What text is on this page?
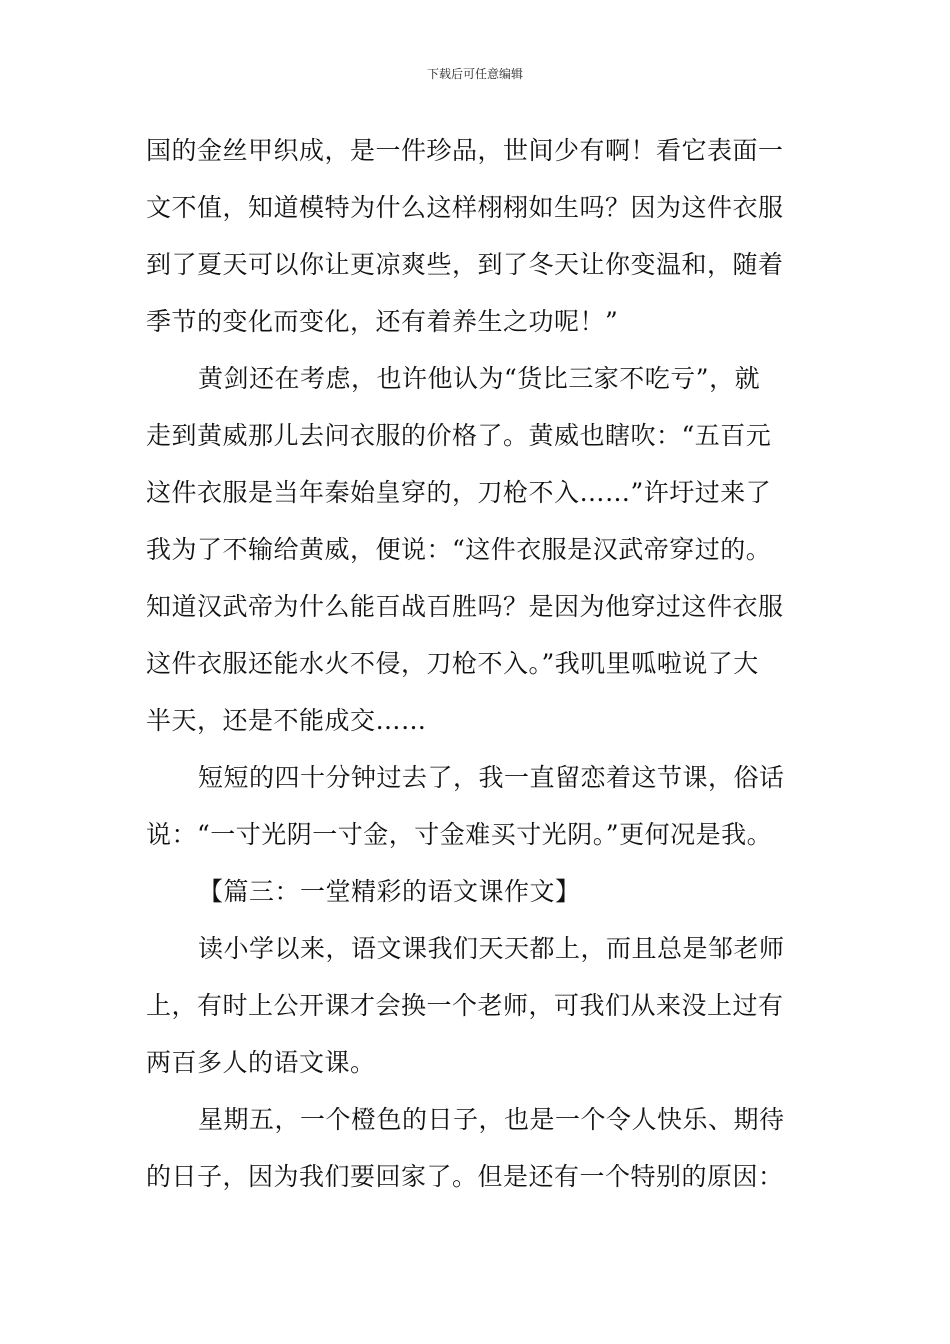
下载后可任意编辑
国的金丝甲织成，是一件珍品，世间少有啊！看它表面一
文不值，知道模特为什么这样栩栩如生吗？因为这件衣服
到了夏天可以你让更凉爽些，到了冬天让你变温和，随着
季节的变化而变化，还有着养生之功呢！”
黄剑还在考虑，也许他认为“货比三家不吃亏”，就
走到黄威那儿去问衣服的价格了。黄威也瞎吹：“五百元
这件衣服是当年秦始皇穿的，刀枪不入……”许圩过来了
我为了不输给黄威，便说：“这件衣服是汉武帝穿过的。
知道汉武帝为什么能百战百胜吗？是因为他穿过这件衣服
这件衣服还能水火不侵，刀枪不入。”我叽里呱啦说了大
半天，还是不能成交……
短短的四十分钟过去了，我一直留恋着这节课，俗话
说：“一寸光阴一寸金，寸金难买寸光阴。”更何况是我。
【篇三：一堂精彩的语文课作文】
读小学以来，语文课我们天天都上，而且总是邹老师
上，有时上公开课才会换一个老师，可我们从来没上过有
两百多人的语文课。
星期五，一个橙色的日子，也是一个令人快乐、期待
的日子，因为我们要回家了。但是还有一个特别的原因：
